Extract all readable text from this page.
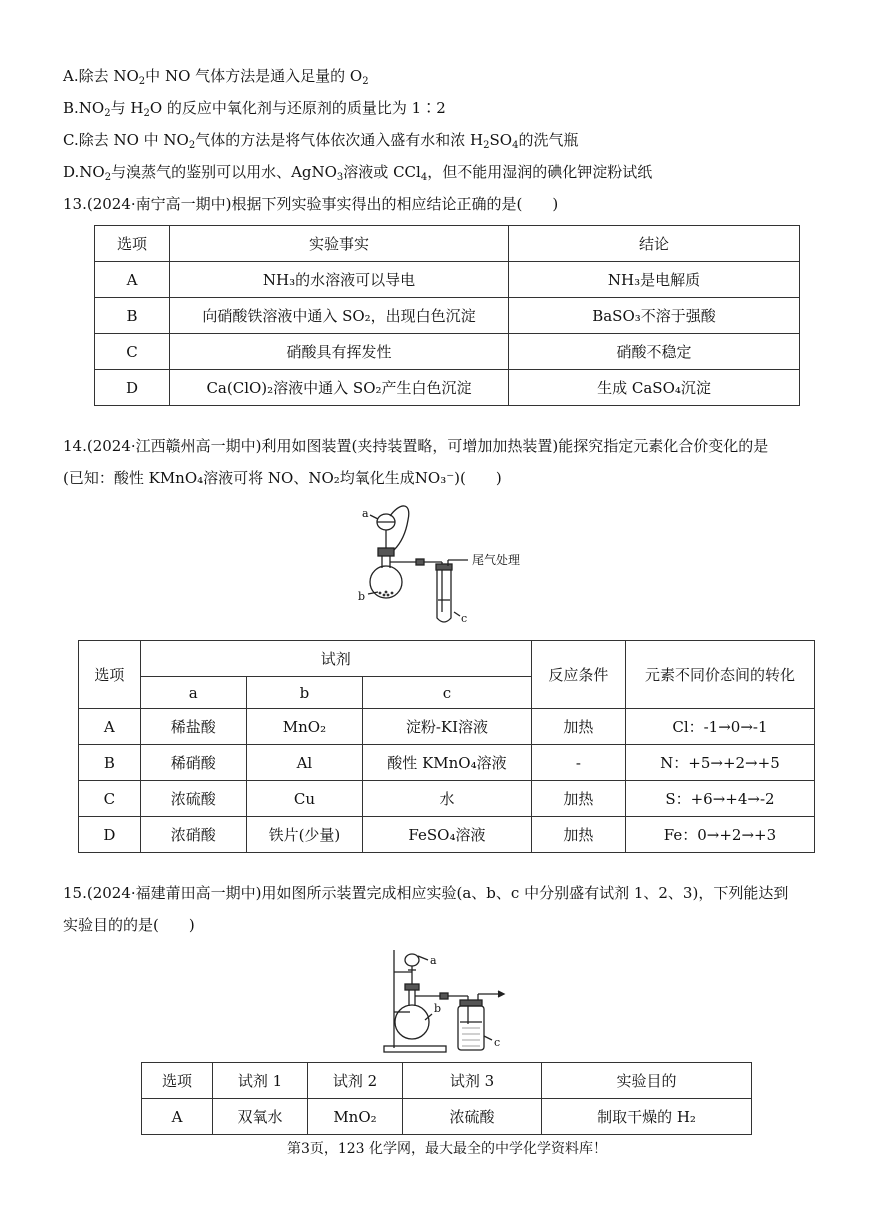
A.除去 $NO_2$中 NO 气体方法是通入足量的 $O_2$
$B.NO_2$与 $H_2O$ 的反应中氧化剂与还原剂的质量比为 1∶2
C.除去 NO 中 $NO_2$气体的方法是将气体依次通入盛有水和浓 $H_2SO_4$的洗气瓶
$D.NO_2$与溴蒸气的鉴别可以用水、AgNO$_3$溶液或 CCl$_4$，但不能用湿润的碘化钾淀粉试纸
13.(2024·南宁高一期中)根据下列实验事实得出的相应结论正确的是(　　)
选项	实验事实	结论
A	NH₃的水溶液可以导电	NH₃是电解质
B	向硝酸铁溶液中通入 SO₂，出现白色沉淀	BaSO₃不溶于强酸
C	硝酸具有挥发性	硝酸不稳定
D	Ca(ClO)₂溶液中通入 SO₂产生白色沉淀	生成 CaSO₄沉淀
14.(2024·江西赣州高一期中)利用如图装置(夹持装置略，可增加加热装置)能探究指定元素化合价变化的是
(已知：酸性 KMnO₄溶液可将 NO、NO₂均氧化生成NO₃⁻)(　　)
a
b
c
尾气处理
选项	试剂			反应条件	元素不同价态间的转化
	a	b	c		
A	稀盐酸	MnO₂	淀粉-KI溶液	加热	Cl：-1→0→-1
B	稀硝酸	Al	酸性 KMnO₄溶液	-	N：+5→+2→+5
C	浓硫酸	Cu	水	加热	S：+6→+4→-2
D	浓硝酸	铁片(少量)	FeSO₄溶液	加热	Fe：0→+2→+3
15.(2024·福建莆田高一期中)用如图所示装置完成相应实验(a、b、c 中分别盛有试剂 1、2、3)，下列能达到
实验目的的是(　　)
a
b
c
选项	试剂 1	试剂 2	试剂 3	实验目的
A	双氧水	MnO₂	浓硫酸	制取干燥的 H₂
第3页，123 化学网，最大最全的中学化学资料库！
